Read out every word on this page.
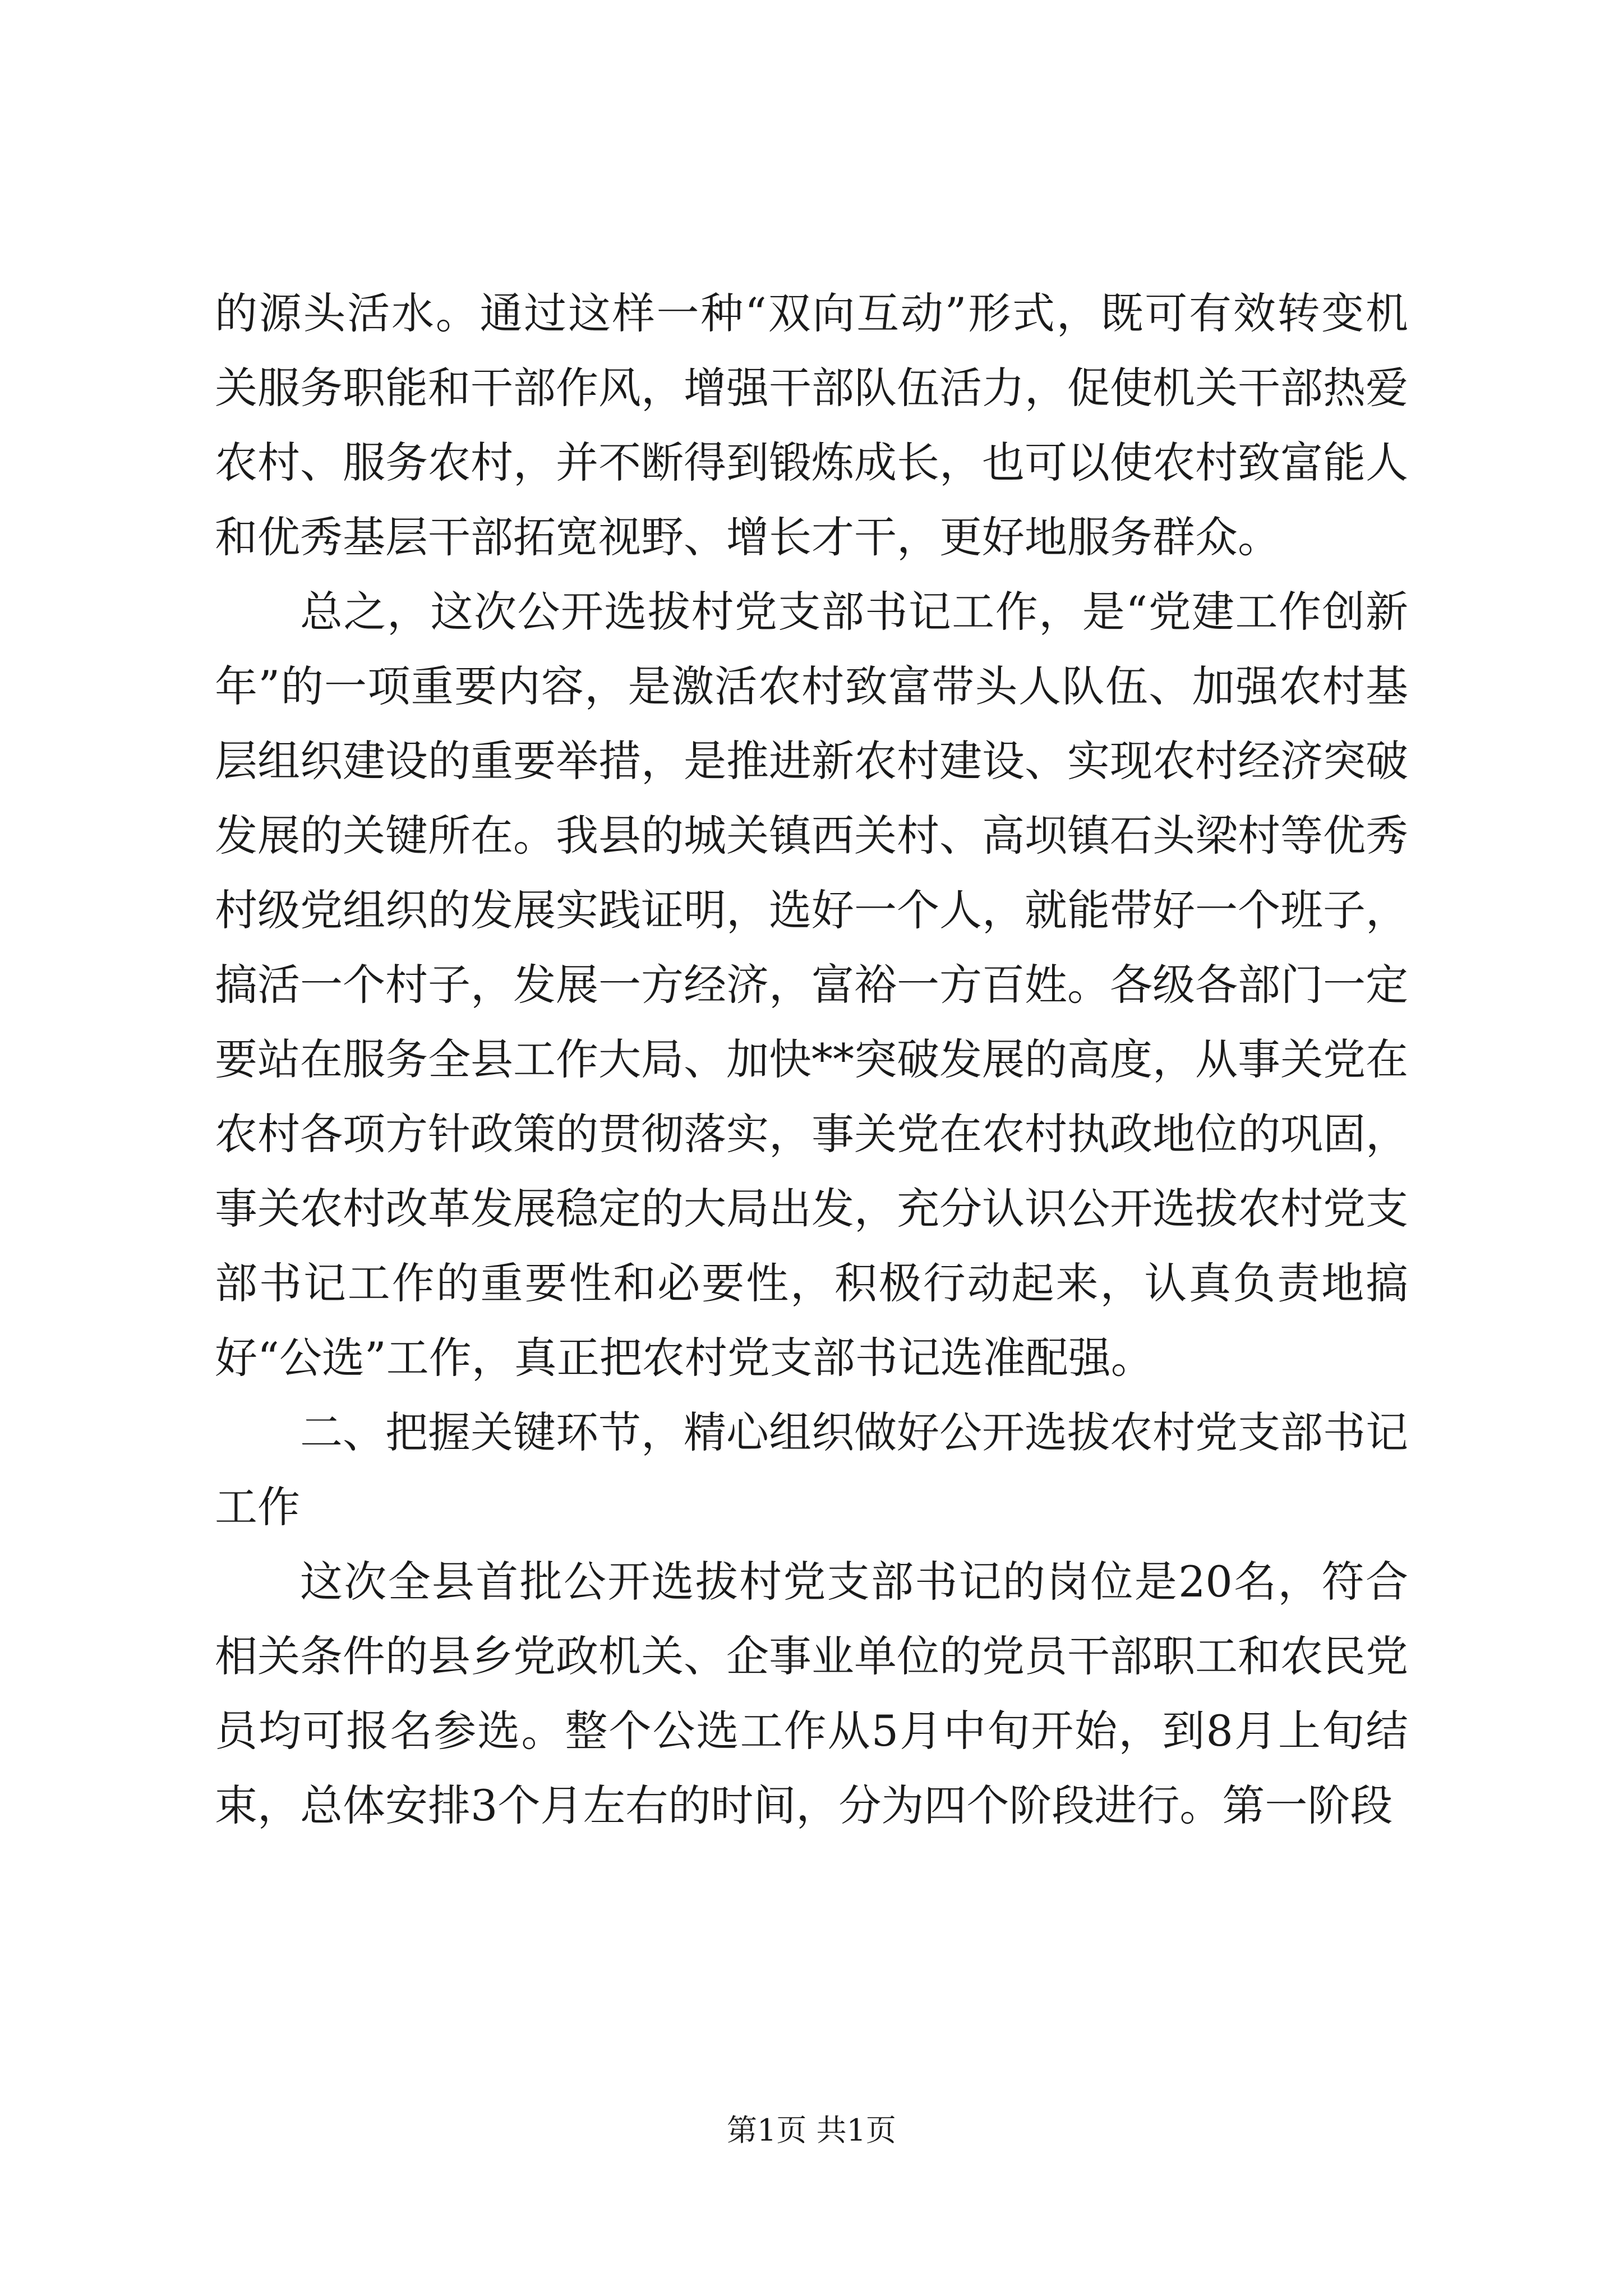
的源头活水。通过这样一种“双向互动”形式，既可有效转变机关服务职能和干部作风，增强干部队伍活力，促使机关干部热爱农村、服务农村，并不断得到锻炼成长，也可以使农村致富能人和优秀基层干部拓宽视野、增长才干，更好地服务群众。

总之，这次公开选拔村党支部书记工作，是“党建工作创新年”的一项重要内容，是激活农村致富带头人队伍、加强农村基层组织建设的重要举措，是推进新农村建设、实现农村经济突破发展的关键所在。我县的城关镇西关村、高坝镇石头梁村等优秀村级党组织的发展实践证明，选好一个人，就能带好一个班子，搞活一个村子，发展一方经济，富裕一方百姓。各级各部门一定要站在服务全县工作大局、加快**突破发展的高度，从事关党在农村各项方针政策的贯彻落实，事关党在农村执政地位的巩固，事关农村改革发展稳定的大局出发，充分认识公开选拔农村党支部书记工作的重要性和必要性，积极行动起来，认真负责地搞好“公选”工作，真正把农村党支部书记选准配强。

二、把握关键环节，精心组织做好公开选拔农村党支部书记工作

这次全县首批公开选拔村党支部书记的岗位是20名，符合相关条件的县乡党政机关、企事业单位的党员干部职工和农民党员均可报名参选。整个公选工作从5月中旬开始，到8月上旬结束，总体安排3个月左右的时间，分为四个阶段进行。第一阶段

第1页 共1页
